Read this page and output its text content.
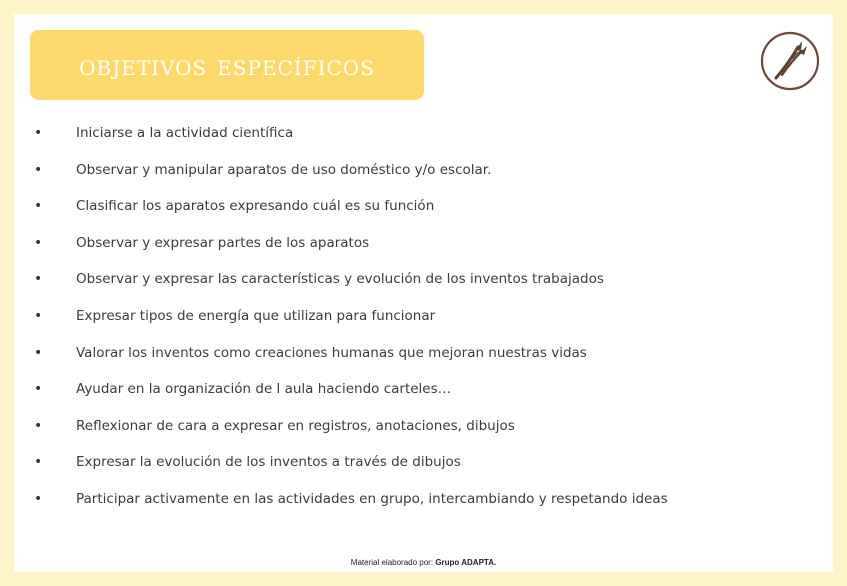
objetivos específicos
• Iniciarse a la actividad científica
• Observar y manipular aparatos de uso doméstico y/o escolar.
• Clasificar los aparatos expresando cuál es su función
• Observar y expresar partes de los aparatos
• Observar y expresar las características y evolución de los inventos trabajados
• Expresar tipos de energía que utilizan para funcionar
• Valorar los inventos como creaciones humanas que mejoran nuestras vidas
• Ayudar en la organización de l aula haciendo carteles…
• Reflexionar de cara a expresar en registros, anotaciones, dibujos
• Expresar la evolución de los inventos a través de dibujos
• Participar activamente en las actividades en grupo, intercambiando y respetando ideas
Material elaborado por: Grupo ADAPTA.
